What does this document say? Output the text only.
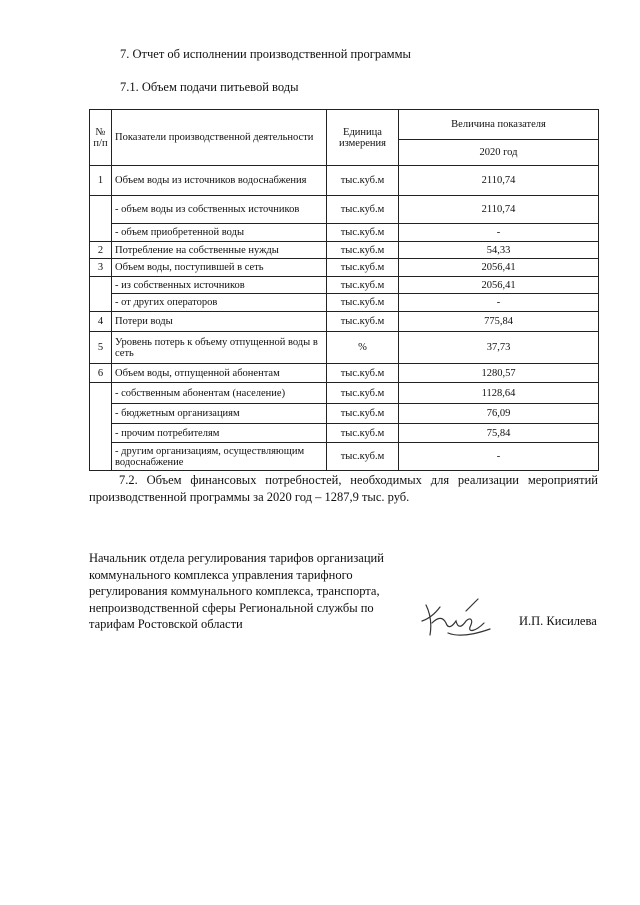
7. Отчет об исполнении производственной программы
7.1. Объем подачи питьевой воды
№ п/п	Показатели производственной деятельности	Единица измерения	Величина показателя
			2020 год
1	Объем воды из источников водоснабжения	тыс.куб.м	2110,74
	- объем воды из собственных источников	тыс.куб.м	2110,74
	- объем приобретенной воды	тыс.куб.м	-
2	Потребление на собственные нужды	тыс.куб.м	54,33
3	Объем воды, поступившей в сеть	тыс.куб.м	2056,41
	- из собственных источников	тыс.куб.м	2056,41
	- от других операторов	тыс.куб.м	-
4	Потери воды	тыс.куб.м	775,84
5	Уровень потерь к объему отпущенной воды в сеть	%	37,73
6	Объем воды, отпущенной абонентам	тыс.куб.м	1280,57
	- собственным абонентам (население)	тыс.куб.м	1128,64
	- бюджетным организациям	тыс.куб.м	76,09
	- прочим потребителям	тыс.куб.м	75,84
	- другим организациям, осуществляющим водоснабжение	тыс.куб.м	-
7.2. Объем финансовых потребностей, необходимых для реализации мероприятий производственной программы за 2020 год – 1287,9 тыс. руб.
Начальник отдела регулирования тарифов организаций коммунального комплекса управления тарифного регулирования коммунального комплекса, транспорта, непроизводственной сферы Региональной службы по тарифам Ростовской области	И.П. Кисилева
